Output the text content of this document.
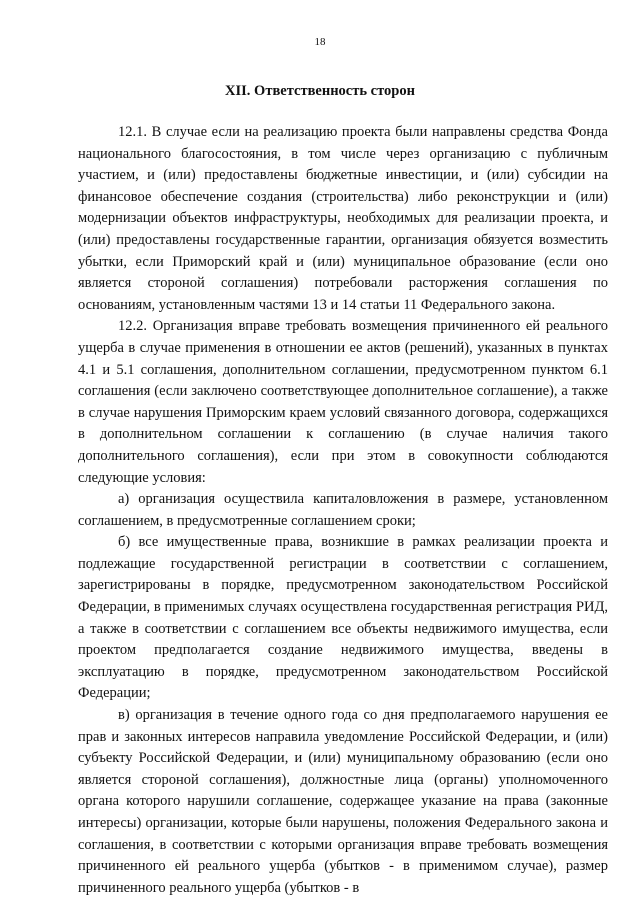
18
XII. Ответственность сторон

12.1. В случае если на реализацию проекта были направлены средства Фонда национального благосостояния, в том числе через организацию с публичным участием, и (или) предоставлены бюджетные инвестиции, и (или) субсидии на финансовое обеспечение создания (строительства) либо реконструкции и (или) модернизации объектов инфраструктуры, необходимых для реализации проекта, и (или) предоставлены государственные гарантии, организация обязуется возместить убытки, если Приморский край и (или) муниципальное образование (если оно является стороной соглашения) потребовали расторжения соглашения по основаниям, установленным частями 13 и 14 статьи 11 Федерального закона.

12.2. Организация вправе требовать возмещения причиненного ей реального ущерба в случае применения в отношении ее актов (решений), указанных в пунктах 4.1 и 5.1 соглашения, дополнительном соглашении, предусмотренном пунктом 6.1 соглашения (если заключено соответствующее дополнительное соглашение), а также в случае нарушения Приморским краем условий связанного договора, содержащихся в дополнительном соглашении к соглашению (в случае наличия такого дополнительного соглашения), если при этом в совокупности соблюдаются следующие условия:

а) организация осуществила капиталовложения в размере, установленном соглашением, в предусмотренные соглашением сроки;

б) все имущественные права, возникшие в рамках реализации проекта и подлежащие государственной регистрации в соответствии с соглашением, зарегистрированы в порядке, предусмотренном законодательством Российской Федерации, в применимых случаях осуществлена государственная регистрация РИД, а также в соответствии с соглашением все объекты недвижимого имущества, если проектом предполагается создание недвижимого имущества, введены в эксплуатацию в порядке, предусмотренном законодательством Российской Федерации;

в) организация в течение одного года со дня предполагаемого нарушения ее прав и законных интересов направила уведомление Российской Федерации, и (или) субъекту Российской Федерации, и (или) муниципальному образованию (если оно является стороной соглашения), должностные лица (органы) уполномоченного органа которого нарушили соглашение, содержащее указание на права (законные интересы) организации, которые были нарушены, положения Федерального закона и соглашения, в соответствии с которыми организация вправе требовать возмещения причиненного ей реального ущерба (убытков - в применимом случае), размер причиненного реального ущерба (убытков - в
